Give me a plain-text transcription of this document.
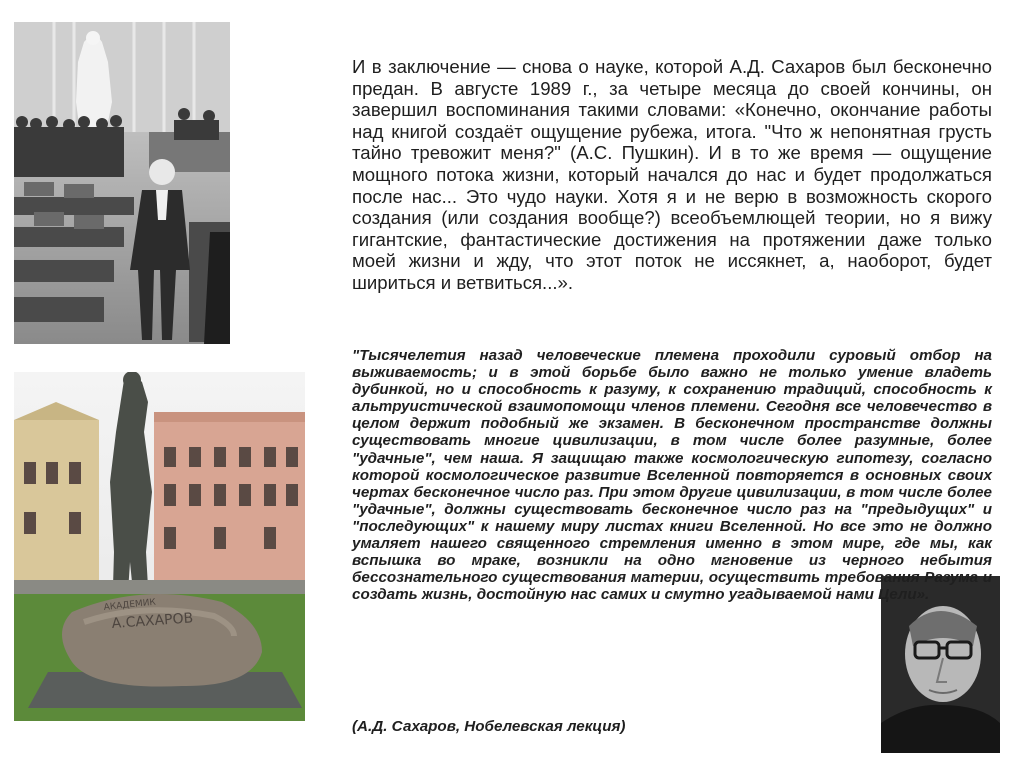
АКАДЕМИК
А.САХАРОВ

И в заключение — снова о науке, которой А.Д. Сахаров был бесконечно предан. В августе 1989 г., за четыре месяца до своей кончины, он завершил воспоминания такими словами: «Конечно, окончание работы над книгой создаёт ощущение рубежа, итога. "Что ж непонятная грусть тайно тревожит меня?" (А.С. Пушкин). И в то же время — ощущение мощного потока жизни, который начался до нас и будет продолжаться после нас... Это чудо науки. Хотя я и не верю в возможность скорого создания (или создания вообще?) всеобъемлющей теории, но я вижу гигантские, фантастические достижения на протяжении даже только моей жизни и жду, что этот поток не иссякнет, а, наоборот, будет шириться и ветвиться...».

"Тысячелетия назад человеческие племена проходили суровый отбор на выживаемость; и в этой борьбе было важно не только умение владеть дубинкой, но и способность к разуму, к сохранению традиций, способность к альтруистической взаимопомощи членов племени. Сегодня все человечество в целом держит подобный же экзамен. В бесконечном пространстве должны существовать многие цивилизации, в том числе более разумные, более "удачные", чем наша. Я защищаю также космологическую гипотезу, согласно которой космологическое развитие Вселенной повторяется в основных своих чертах бесконечное число раз. При этом другие цивилизации, в том числе более "удачные", должны существовать бесконечное число раз на "предыдущих" и "последующих" к нашему миру листах книги Вселенной. Но все это не должно умаляет нашего священного стремления именно в этом мире, где мы, как вспышка во мраке, возникли на одно мгновение из черного небытия бессознательного существования материи, осуществить требования Разума и создать жизнь, достойную нас самих и смутно угадываемой нами Цели».

(А.Д. Сахаров, Нобелевская лекция)
